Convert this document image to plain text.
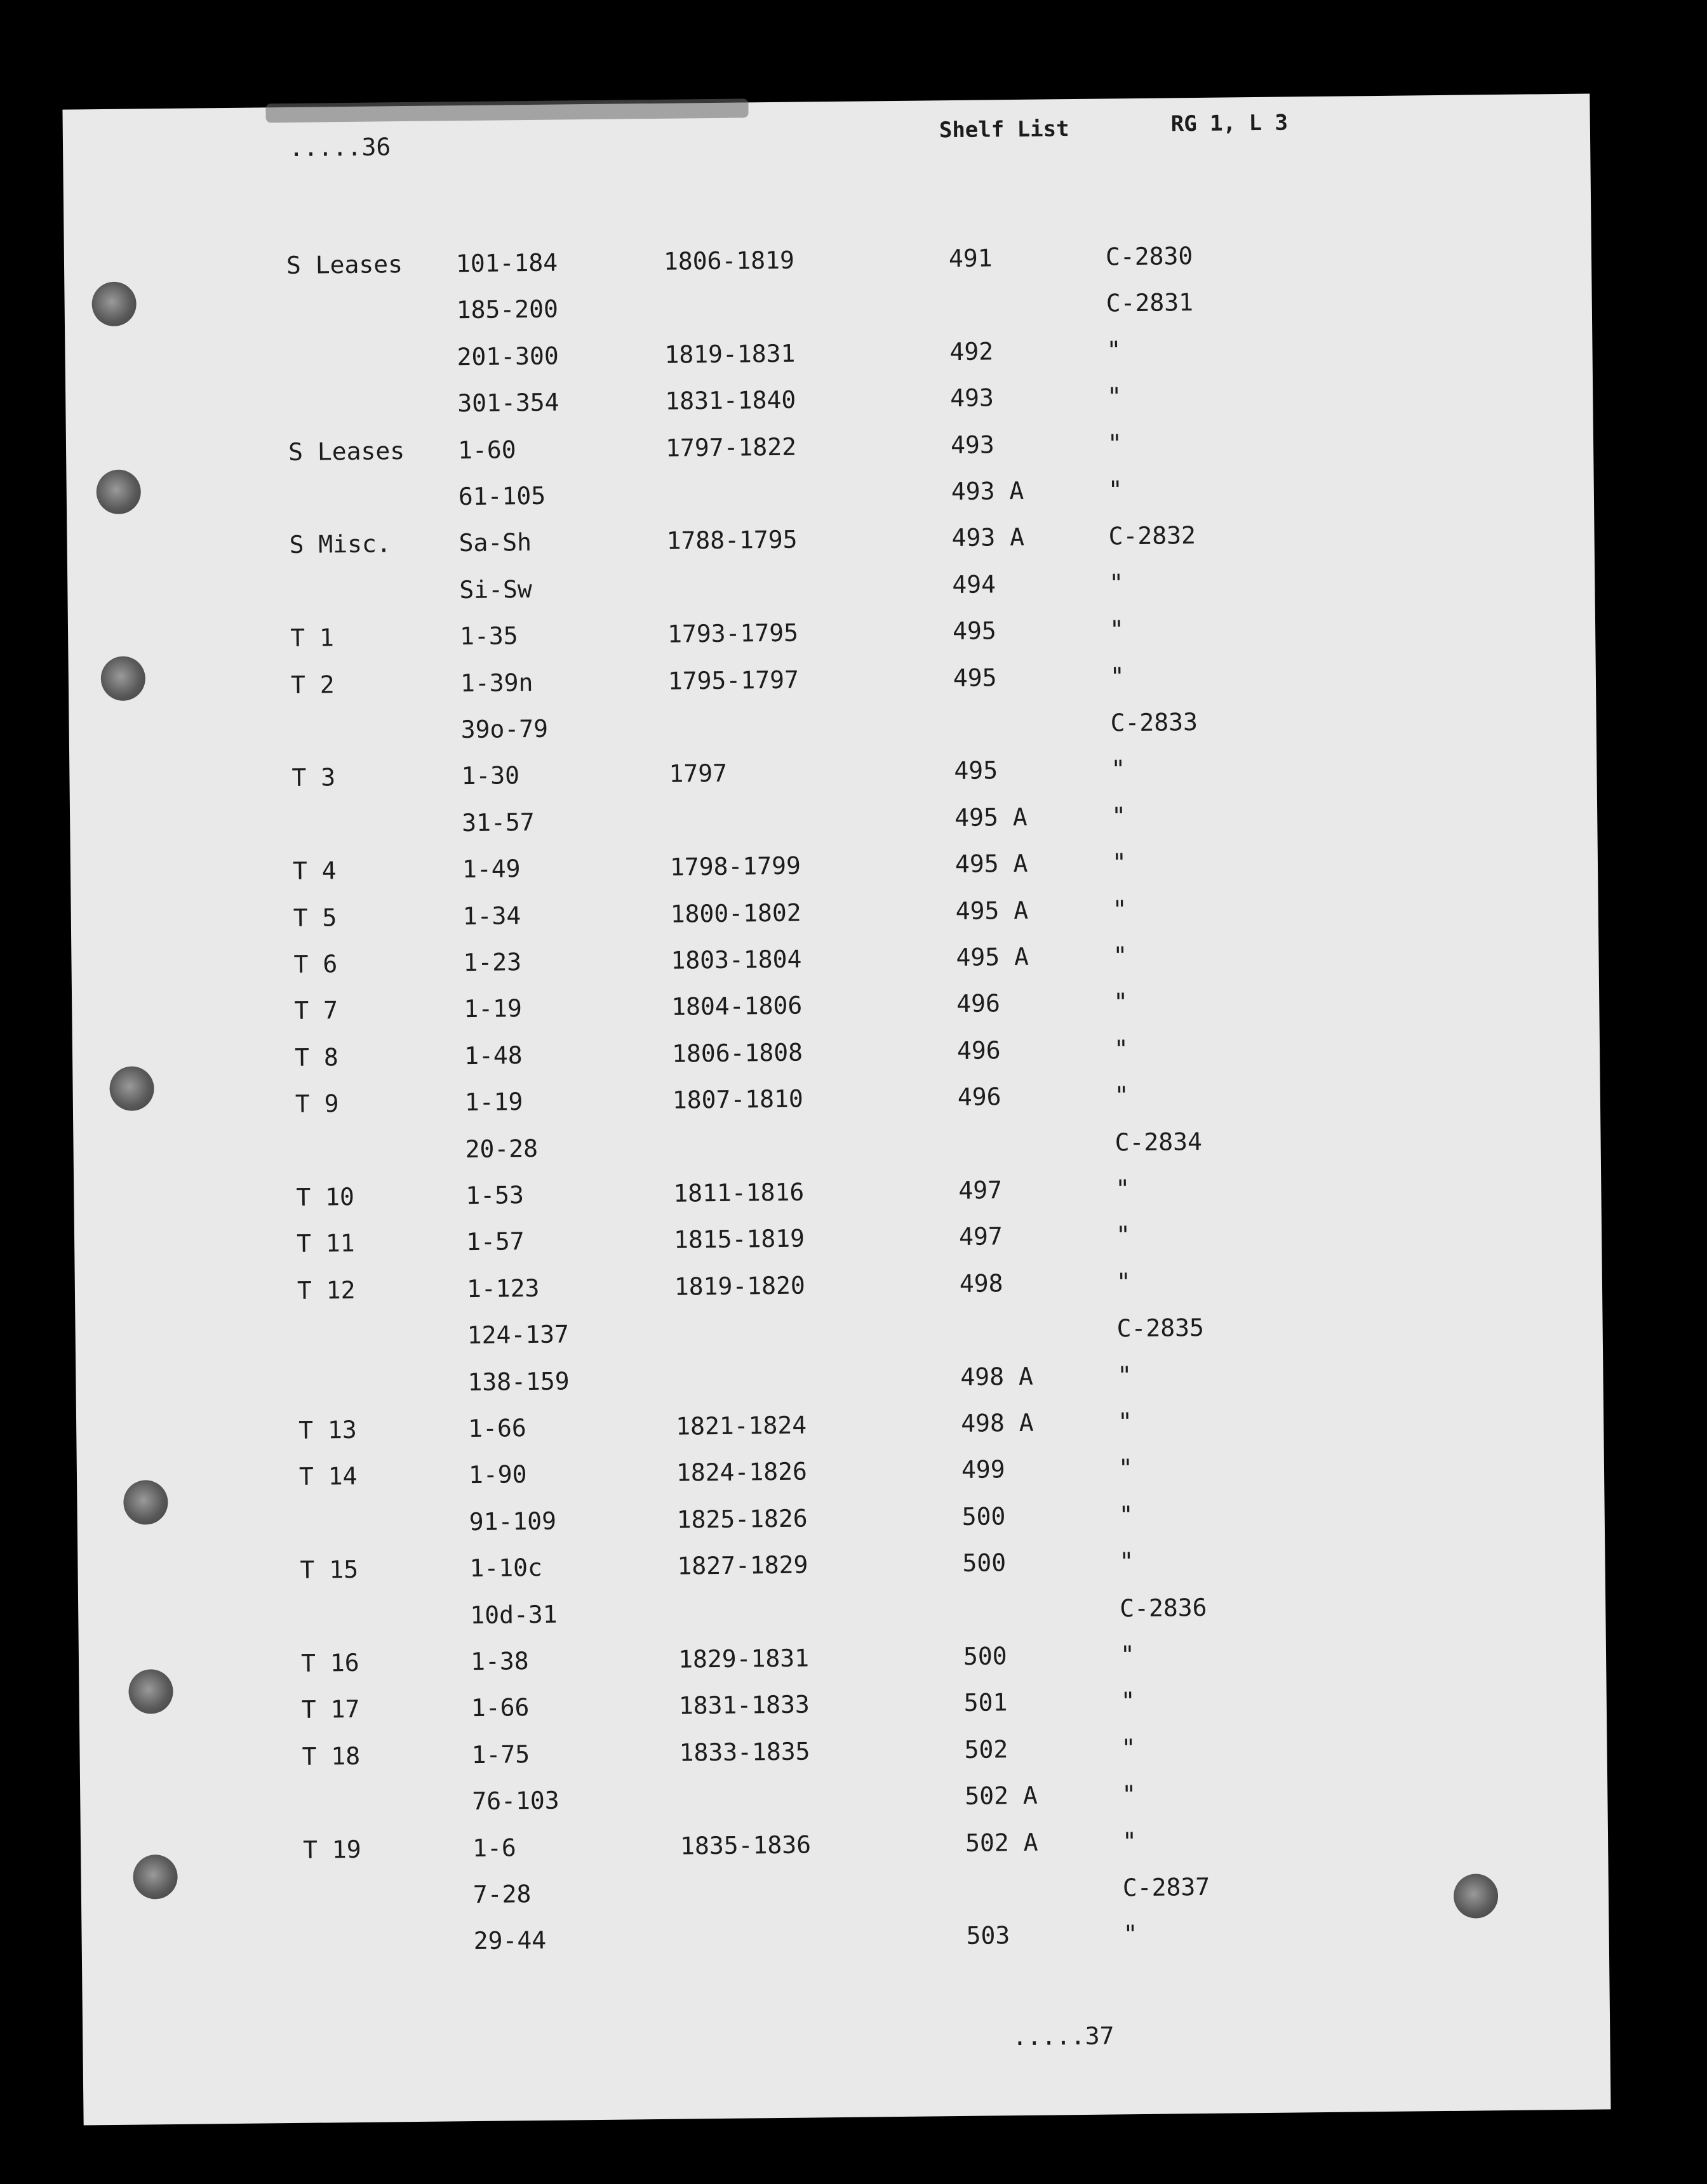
.....36
Shelf List	RG 1, L 3
S Leases 101-184	1806-1819	491	C-2830
185-200	C-2831
201-300	1819-1831	492	"
301-354	1831-1840	493	"
S Leases 1-60	1797-1822	493	"
61-105	493 A	"
S Misc.	Sa-Sh	1788-1795	493 A	C-2832
Si-Sw	494	"
T 1	1-35	1793-1795	495	"
T 2	1-39n	1795-1797	495	"
39o-79	C-2833
T 3	1-30	1797	495	"
31-57	495 A	"
T 4	1-49	1798-1799	495 A	"
T 5	1-34	1800-1802	495 A	"
T 6	1-23	1803-1804	495 A	"
T 7	1-19	1804-1806	496	"
T 8	1-48	1806-1808	496	"
T 9	1-19	1807-1810	496	"
20-28	C-2834
T 10	1-53	1811-1816	497	"
T 11	1-57	1815-1819	497	"
T 12	1-123	1819-1820	498	"
124-137	C-2835
138-159	498 A	"
T 13	1-66	1821-1824	498 A	"
T 14	1-90	1824-1826	499	"
91-109	1825-1826	500	"
T 15	1-10c	1827-1829	500	"
10d-31	C-2836
T 16	1-38	1829-1831	500	"
T 17	1-66	1831-1833	501	"
T 18	1-75	1833-1835	502	"
76-103	502 A	"
T 19	1-6	1835-1836	502 A	"
7-28	C-2837
29-44	503	"
.....37
